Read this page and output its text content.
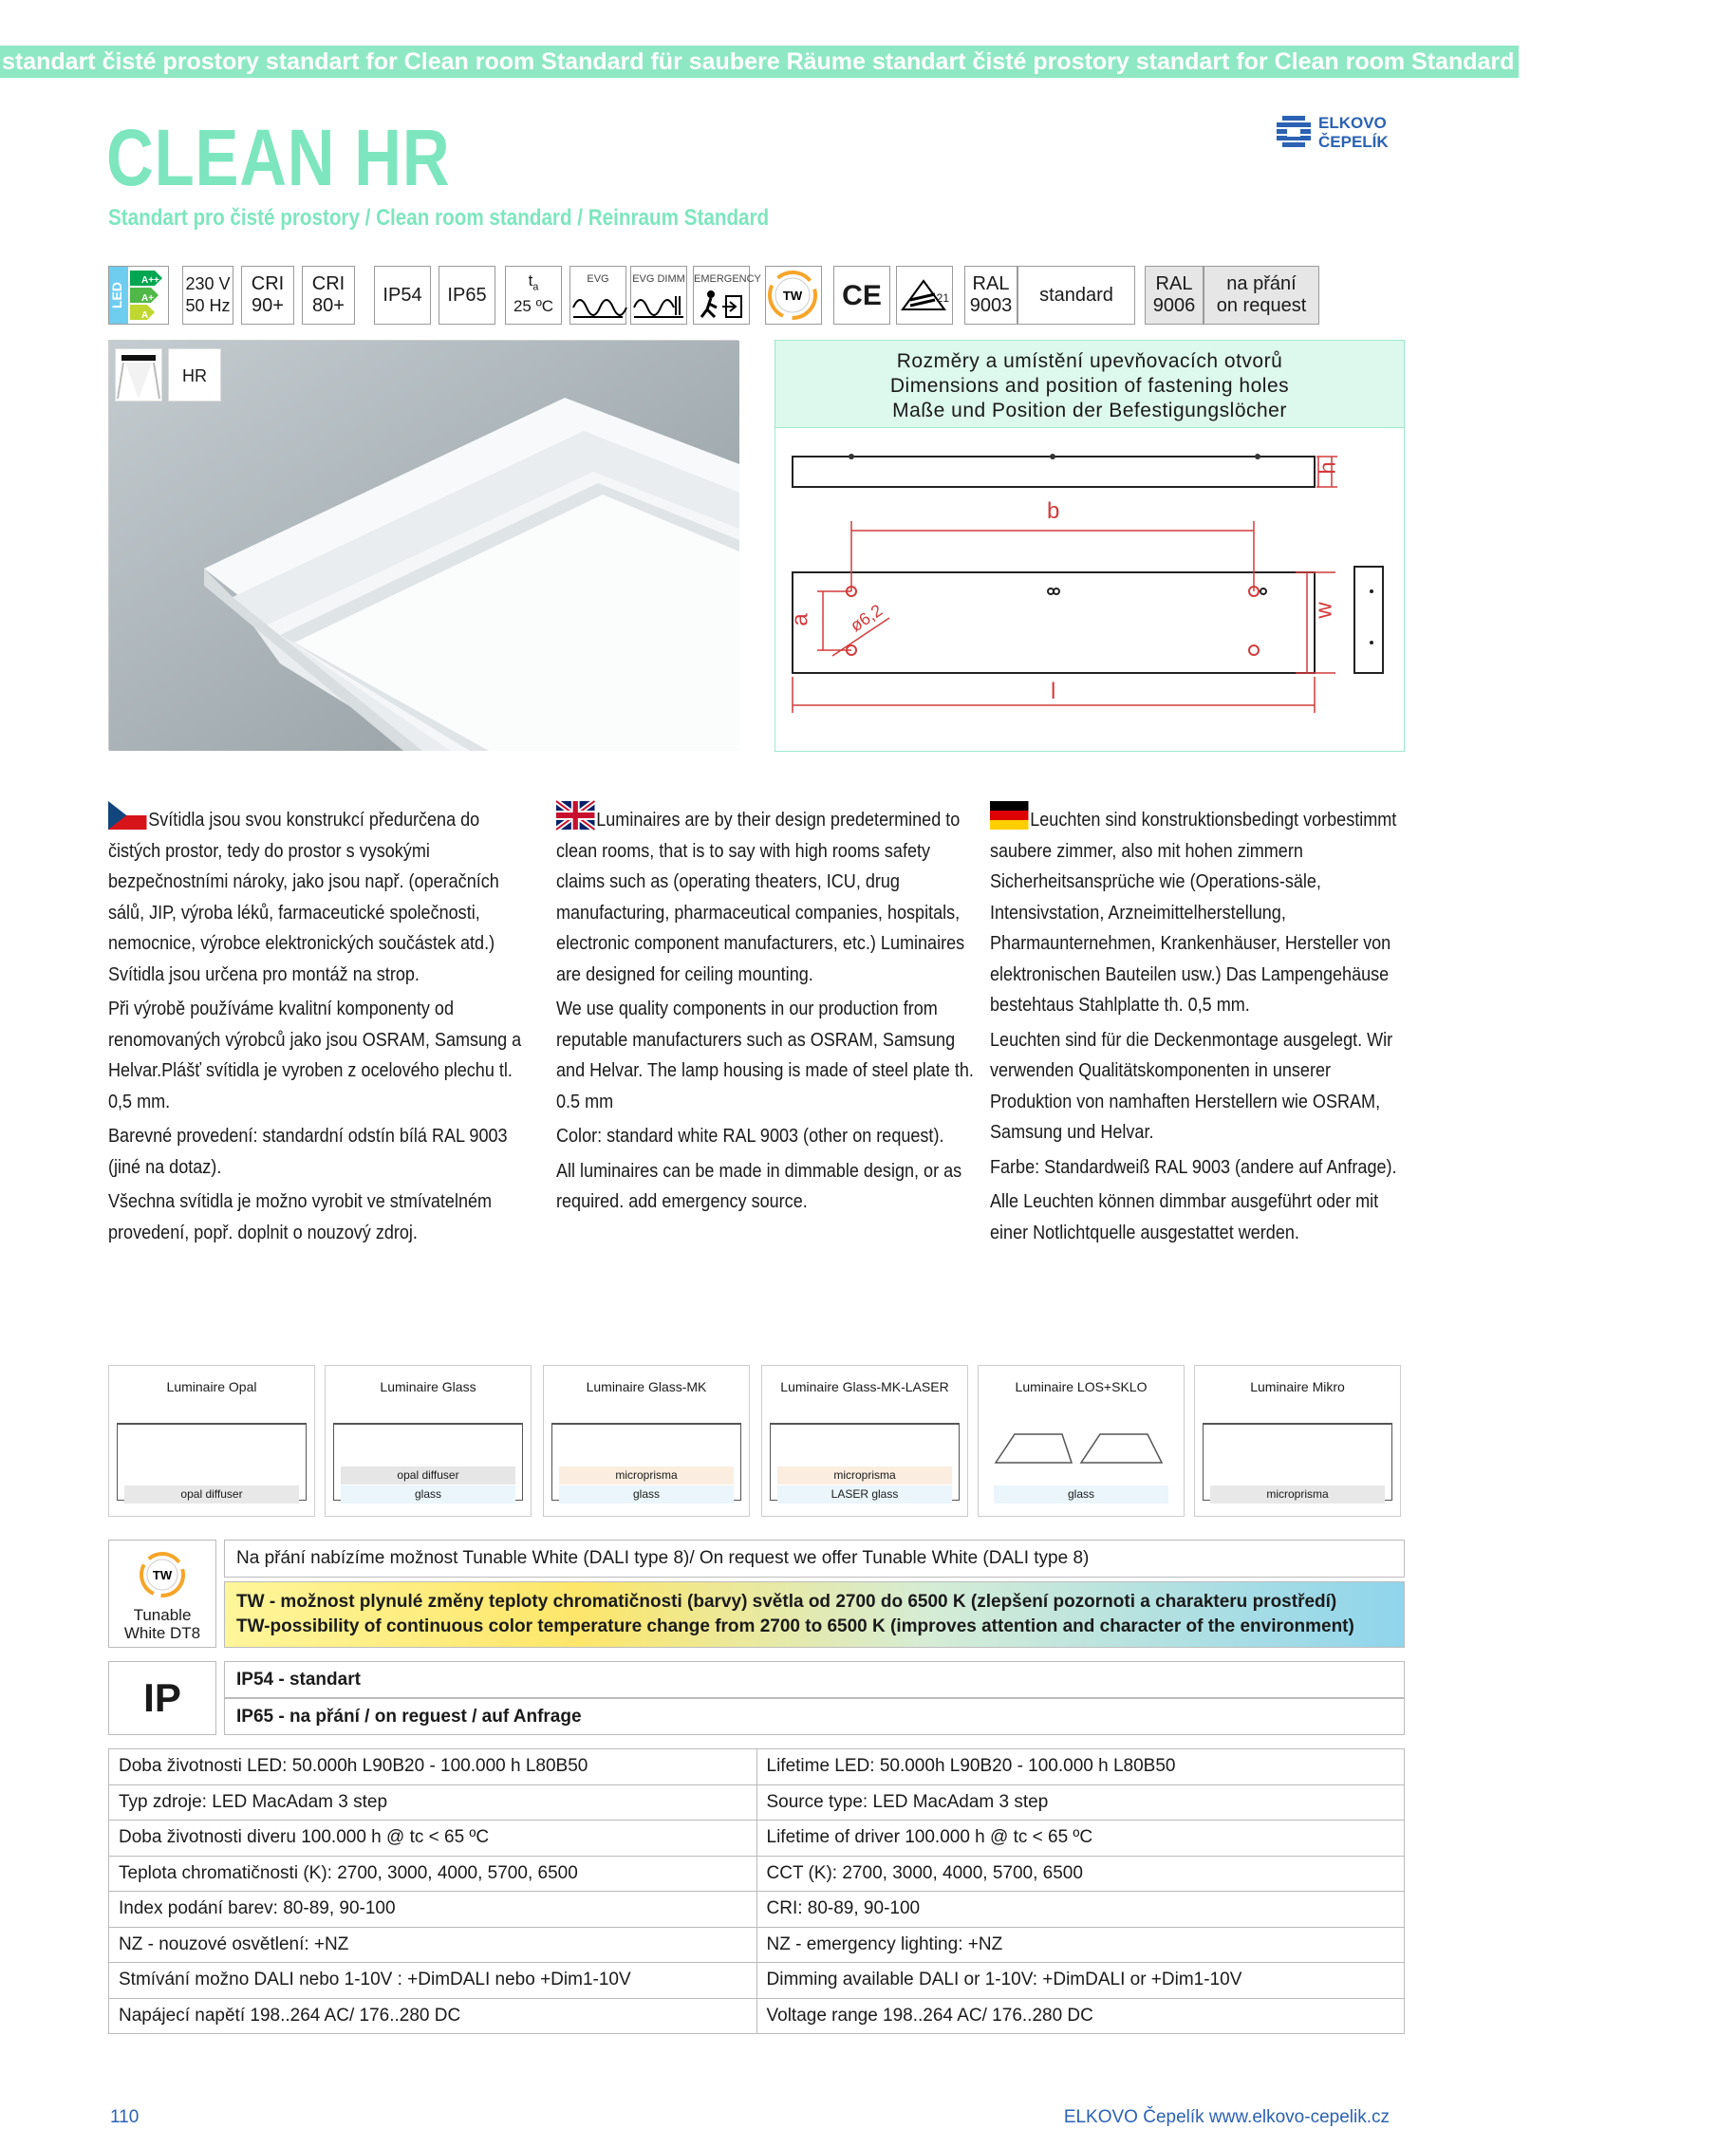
standart čisté prostory standart for Clean room Standard für saubere Räume standart čisté prostory standart for Clean room Standard für saubere Räume
CLEAN HR
Standart pro čisté prostory / Clean room standard / Reinraum Standard
ELKOVO
ČEPELÍK
LED
A++
A+
A
230 V
50 Hz
CRI
90+
CRI
80+
IP54	IP65
$t_a$
25 ºC
EVG	EVG DIMM EMERGENCY
TW CE	21
RAL
9003
standard
RAL
9006
na přání
on request
HR
Rozměry a umístění upevňovacích otvorů
Dimensions and position of fastening holes
Maße und Position der Befestigungslöcher
h
b
a ø6,2	w
l

Svítidla jsou svou konstrukcí předurčena do čistých prostor, tedy do prostor s vysokými bezpečnostními nároky, jako jsou např. (operačních sálů, JIP, výroba léků, farmaceutické společnosti, nemocnice, výrobce elektronických součástek atd.) Svítidla jsou určena pro montáž na strop.

Při výrobě používáme kvalitní komponenty od renomovaných výrobců jako jsou OSRAM, Samsung a Helvar.Plášť svítidla je vyroben z ocelového plechu tl. 0,5 mm.

Barevné provedení: standardní odstín bílá RAL 9003 (jiné na dotaz).

Všechna svítidla je možno vyrobit ve stmívatelném provedení, popř. doplnit o nouzový zdroj.

Luminaires are by their design predetermined to clean rooms, that is to say with high rooms safety claims such as (operating theaters, ICU, drug manufacturing, pharmaceutical companies, hospitals, electronic component manufacturers, etc.) Luminaires are designed for ceiling mounting.

We use quality components in our production from reputable manufacturers such as OSRAM, Samsung and Helvar. The lamp housing is made of steel plate th. 0.5 mm

Color: standard white RAL 9003 (other on request).

All luminaires can be made in dimmable design, or as required. add emergency source.

Leuchten sind konstruktionsbedingt vorbestimmt saubere zimmer, also mit hohen zimmern Sicherheitsansprüche wie (Operations-säle, Intensivstation, Arzneimittelherstellung, Pharmaunternehmen, Krankenhäuser, Hersteller von elektronischen Bauteilen usw.) Das Lampengehäuse bestehtaus Stahlplatte th. 0,5 mm.

Leuchten sind für die Deckenmontage ausgelegt. Wir verwenden Qualitätskomponenten in unserer Produktion von namhaften Herstellern wie OSRAM, Samsung und Helvar.

Farbe: Standardweiß RAL 9003 (andere auf Anfrage).

Alle Leuchten können dimmbar ausgeführt oder mit einer Notlichtquelle ausgestattet werden.

Luminaire Opal
opal diffuser
Luminaire Glass
opal diffuser
glass
Luminaire Glass-MK
microprisma
glass
Luminaire Glass-MK-LASER
microprisma
LASER glass
Luminaire LOS+SKLO
glass
Luminaire Mikro
microprisma
TW
Tunable
White DT8
Na přání nabízíme možnost Tunable White (DALI type 8)/ On request we offer Tunable White (DALI type 8)
TW - možnost plynulé změny teploty chromatičnosti (barvy) světla od 2700 do 6500 K (zlepšení pozornoti a charakteru prostředí)
TW-possibility of continuous color temperature change from 2700 to 6500 K (improves attention and character of the environment)
IP	IP54 - standart
IP65 - na přání / on reguest / auf Anfrage
Doba životnosti LED: 50.000h L90B20 - 100.000 h L80B50	Lifetime LED: 50.000h L90B20 - 100.000 h L80B50
Typ zdroje: LED MacAdam 3 step	Source type: LED MacAdam 3 step
Doba životnosti diveru 100.000 h @ tc < 65 ºC	Lifetime of driver 100.000 h @ tc < 65 ºC
Teplota chromatičnosti (K): 2700, 3000, 4000, 5700, 6500	CCT (K): 2700, 3000, 4000, 5700, 6500
Index podání barev: 80-89, 90-100	CRI: 80-89, 90-100
NZ - nouzové osvětlení: +NZ	NZ - emergency lighting: +NZ
Stmívání možno DALI nebo 1-10V : +DimDALI nebo +Dim1-10V	Dimming available DALI or 1-10V: +DimDALI or +Dim1-10V
Napájecí napětí 198..264 AC/ 176..280 DC	Voltage range 198..264 AC/ 176..280 DC
110	ELKOVO Čepelík www.elkovo-cepelik.cz
